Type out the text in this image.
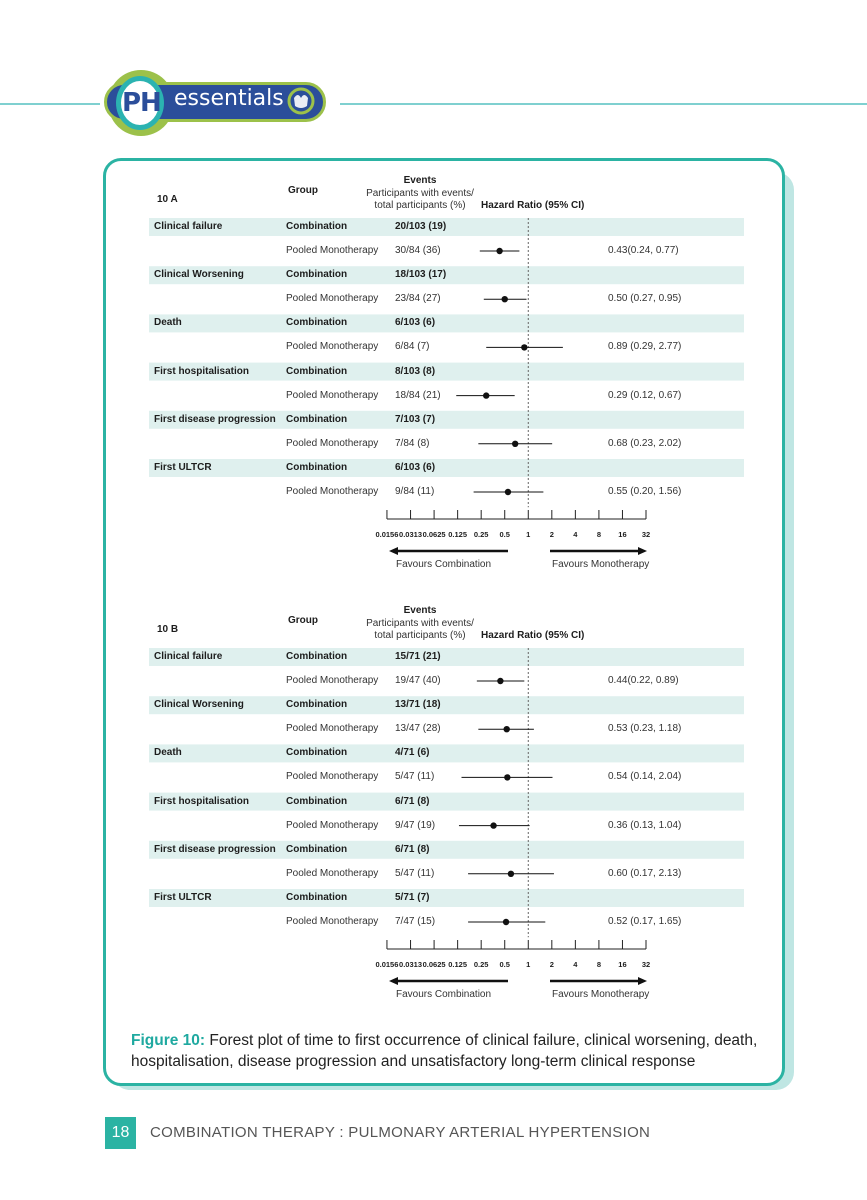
PH essentials
10 A
Group
Events
Participants with events/
total participants (%)	Hazard Ratio (95% CI)
Clinical failure	Combination	20/103 (19)
Pooled Monotherapy 30/84 (36)	0.43(0.24, 0.77)
Clinical Worsening	Combination	18/103 (17)
Pooled Monotherapy 23/84 (27)	0.50 (0.27, 0.95)
Death	Combination	6/103 (6)
Pooled Monotherapy 6/84 (7)	0.89 (0.29, 2.77)
First hospitalisation	Combination	8/103 (8)
Pooled Monotherapy 18/84 (21)	0.29 (0.12, 0.67)
First disease progression Combination	7/103 (7)
Pooled Monotherapy 7/84 (8)	0.68 (0.23, 2.02)
First ULTCR	Combination	6/103 (6)
Pooled Monotherapy 9/84 (11)	0.55 (0.20, 1.56)
0.0156 0.0313 0.0625 0.125 0.25	0.5	1	2	4	8	16	32
Favours Combination	Favours Monotherapy
10 B
Group
Events
Participants with events/
total participants (%)	Hazard Ratio (95% CI)
Clinical failure	Combination	15/71 (21)
Pooled Monotherapy 19/47 (40)	0.44(0.22, 0.89)
Clinical Worsening	Combination	13/71 (18)
Pooled Monotherapy 13/47 (28)	0.53 (0.23, 1.18)
Death	Combination	4/71 (6)
Pooled Monotherapy 5/47 (11)	0.54 (0.14, 2.04)
First hospitalisation	Combination	6/71 (8)
Pooled Monotherapy 9/47 (19)	0.36 (0.13, 1.04)
First disease progression Combination	6/71 (8)
Pooled Monotherapy 5/47 (11)	0.60 (0.17, 2.13)
First ULTCR	Combination	5/71 (7)
Pooled Monotherapy 7/47 (15)	0.52 (0.17, 1.65)
0.0156 0.0313 0.0625 0.125 0.25	0.5	1	2	4	8	16	32
Favours Combination	Favours Monotherapy
Figure 10: Forest plot of time to first occurrence of clinical failure, clinical worsening, death, hospitalisation, disease progression and unsatisfactory long-term clinical response
18	COMBINATION THERAPY : PULMONARY ARTERIAL HYPERTENSION
